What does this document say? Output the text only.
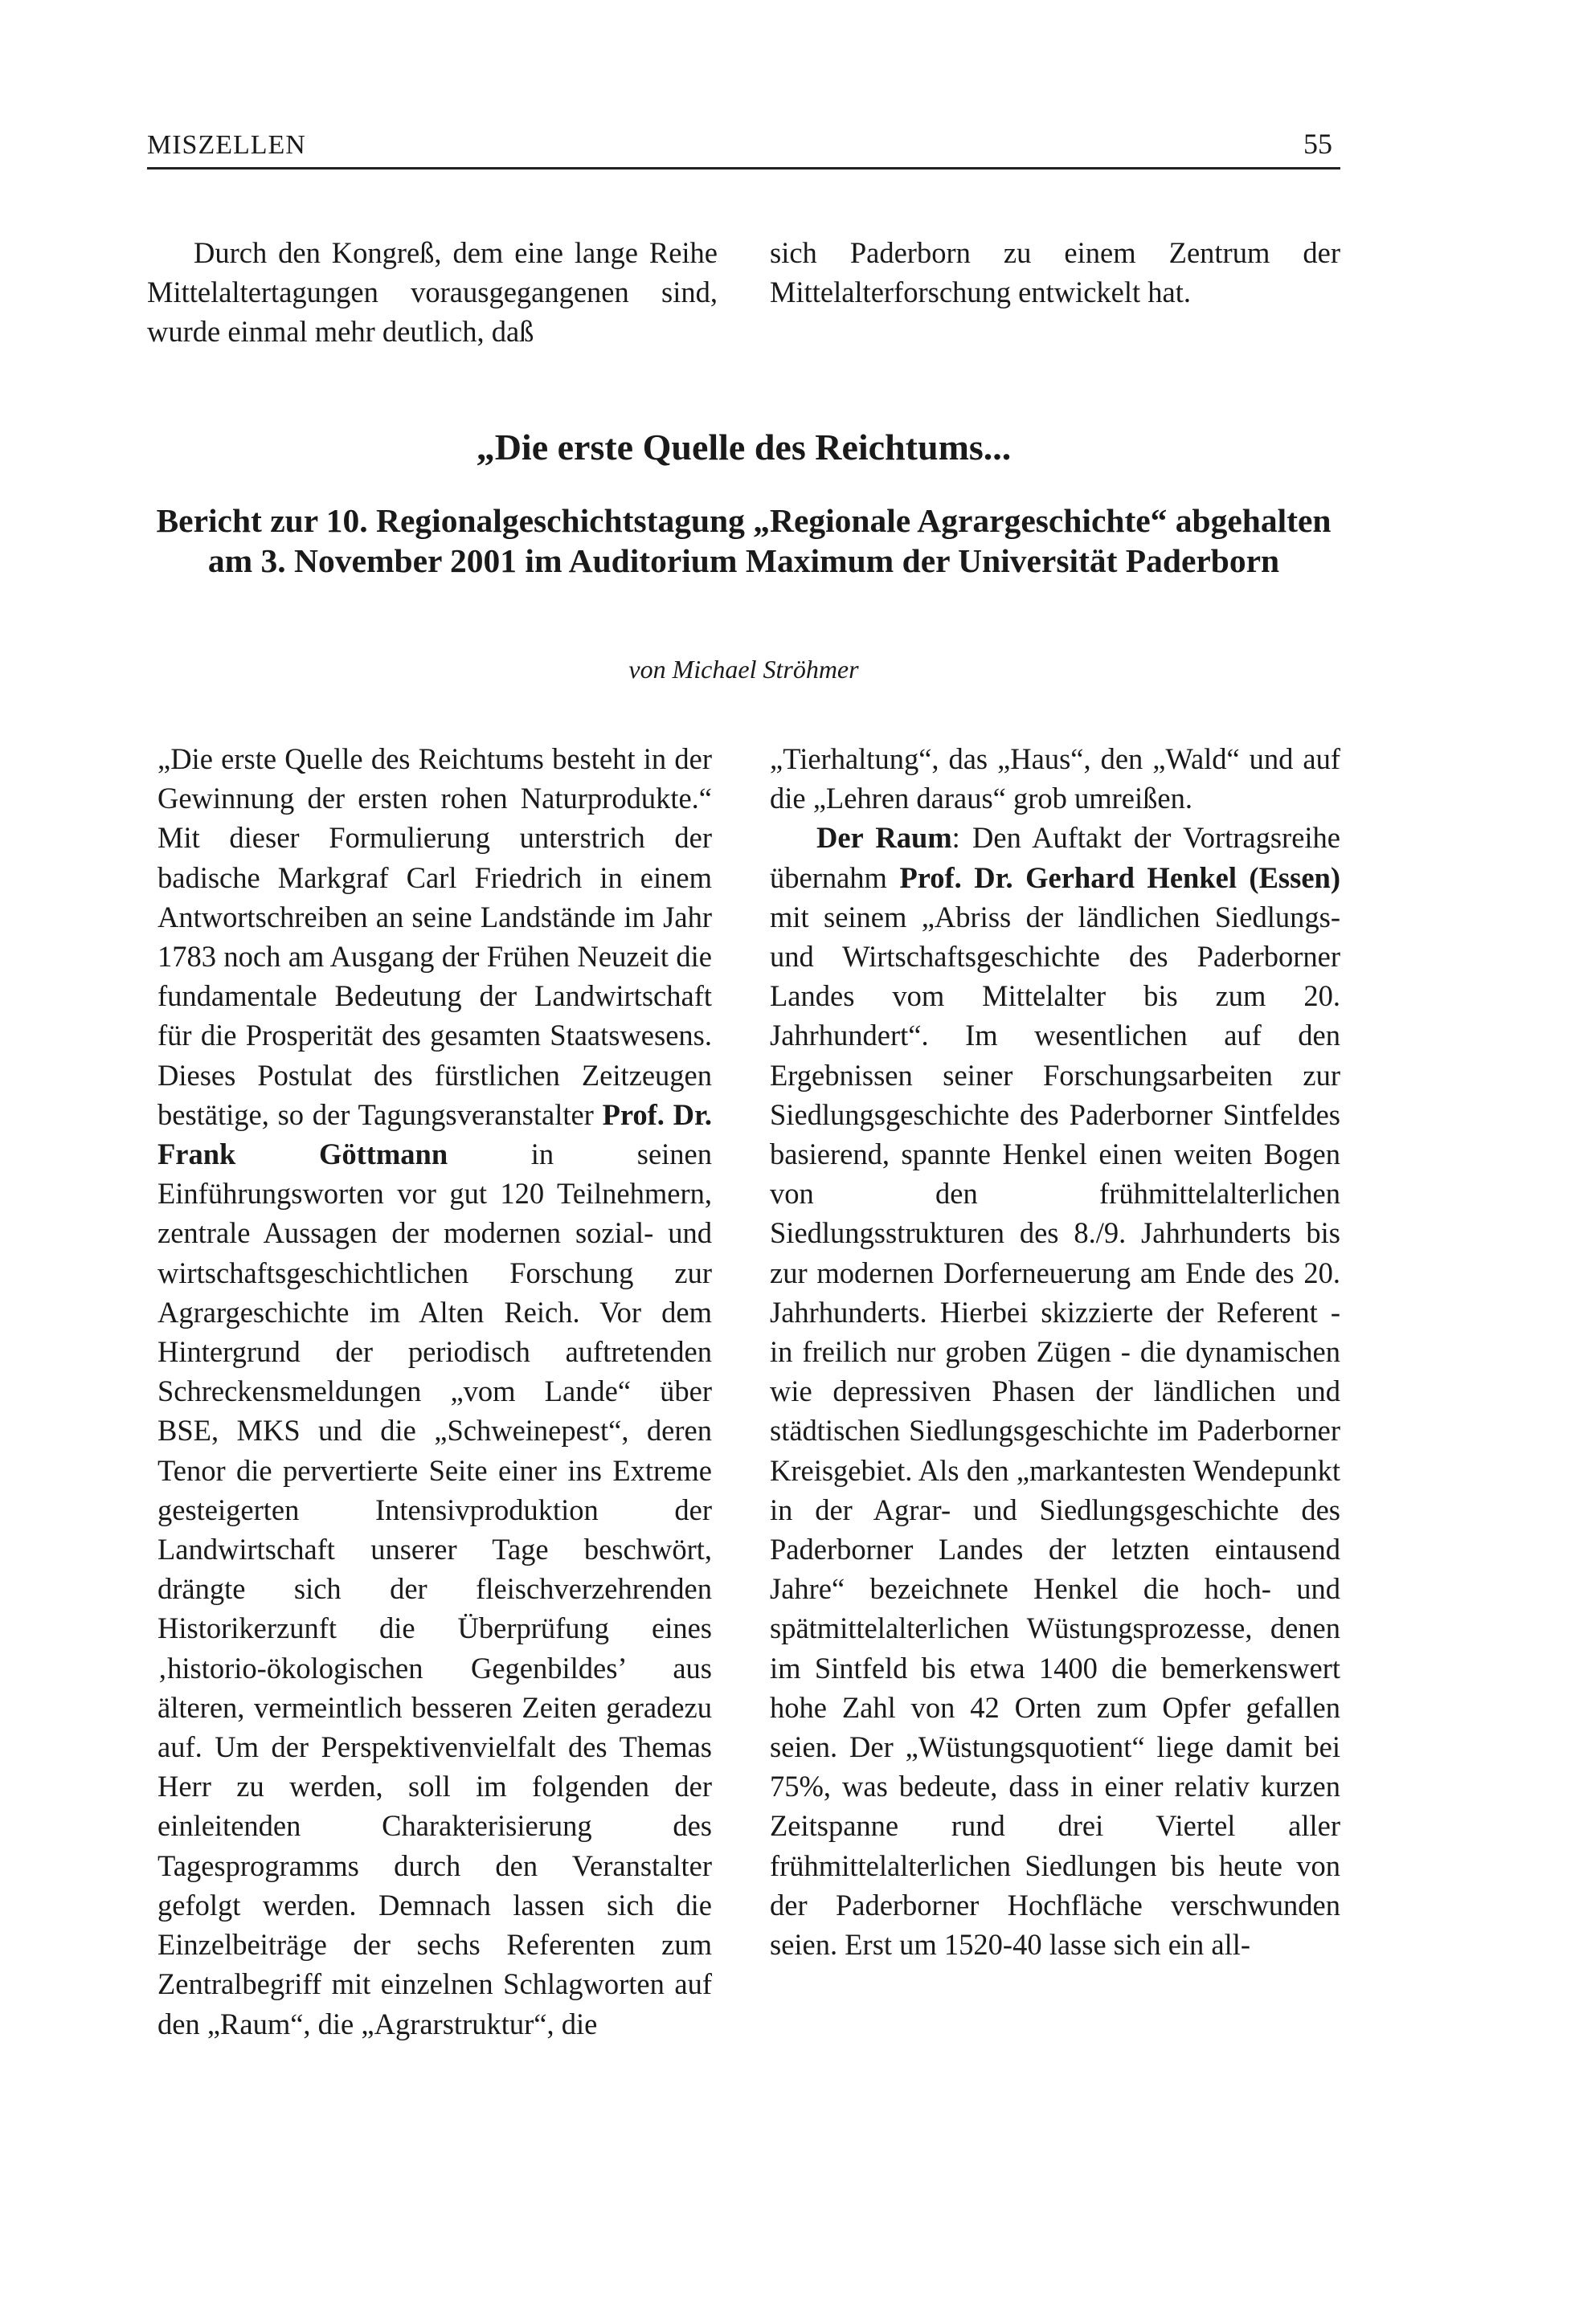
MISZELLEN	55

Durch den Kongreß, dem eine lange Reihe Mittelaltertagungen vorausgegangenen sind, wurde einmal mehr deutlich, daß

sich Paderborn zu einem Zentrum der Mittelalterforschung entwickelt hat.

„Die erste Quelle des Reichtums...
Bericht zur 10. Regionalgeschichtstagung „Regionale Agrargeschichte“ abgehalten am 3. November 2001 im Auditorium Maximum der Universität Paderborn
von Michael Ströhmer

„Die erste Quelle des Reichtums besteht in der Gewinnung der ersten rohen Naturprodukte.“ Mit dieser Formulierung unterstrich der badische Markgraf Carl Friedrich in einem Antwortschreiben an seine Landstände im Jahr 1783 noch am Ausgang der Frühen Neuzeit die fundamentale Bedeutung der Landwirtschaft für die Prosperität des gesamten Staatswesens. Dieses Postulat des fürstlichen Zeitzeugen bestätige, so der Tagungsveranstalter Prof. Dr. Frank Göttmann in seinen Einführungsworten vor gut 120 Teilnehmern, zentrale Aussagen der modernen sozial- und wirtschaftsgeschichtlichen Forschung zur Agrargeschichte im Alten Reich. Vor dem Hintergrund der periodisch auftretenden Schreckensmeldungen „vom Lande“ über BSE, MKS und die „Schweinepest“, deren Tenor die pervertierte Seite einer ins Extreme gesteigerten Intensivproduktion der Landwirtschaft unserer Tage beschwört, drängte sich der fleischverzehrenden Historikerzunft die Überprüfung eines ‚historio-ökologischen Gegenbildes’ aus älteren, vermeintlich besseren Zeiten geradezu auf. Um der Perspektivenvielfalt des Themas Herr zu werden, soll im folgenden der einleitenden Charakterisierung des Tagesprogramms durch den Veranstalter gefolgt werden. Demnach lassen sich die Einzelbeiträge der sechs Referenten zum Zentralbegriff mit einzelnen Schlagworten auf den „Raum“, die „Agrarstruktur“, die

„Tierhaltung“, das „Haus“, den „Wald“ und auf die „Lehren daraus“ grob umreißen.

Der Raum: Den Auftakt der Vortragsreihe übernahm Prof. Dr. Gerhard Henkel (Essen) mit seinem „Abriss der ländlichen Siedlungs- und Wirtschaftsgeschichte des Paderborner Landes vom Mittelalter bis zum 20. Jahrhundert“. Im wesentlichen auf den Ergebnissen seiner Forschungsarbeiten zur Siedlungsgeschichte des Paderborner Sintfeldes basierend, spannte Henkel einen weiten Bogen von den frühmittelalterlichen Siedlungsstrukturen des 8./9. Jahrhunderts bis zur modernen Dorferneuerung am Ende des 20. Jahrhunderts. Hierbei skizzierte der Referent - in freilich nur groben Zügen - die dynamischen wie depressiven Phasen der ländlichen und städtischen Siedlungsgeschichte im Paderborner Kreisgebiet. Als den „markantesten Wendepunkt in der Agrar- und Siedlungsgeschichte des Paderborner Landes der letzten eintausend Jahre“ bezeichnete Henkel die hoch- und spätmittelalterlichen Wüstungsprozesse, denen im Sintfeld bis etwa 1400 die bemerkenswert hohe Zahl von 42 Orten zum Opfer gefallen seien. Der „Wüstungsquotient“ liege damit bei 75%, was bedeute, dass in einer relativ kurzen Zeitspanne rund drei Viertel aller frühmittelalterlichen Siedlungen bis heute von der Paderborner Hochfläche verschwunden seien. Erst um 1520-40 lasse sich ein all-
